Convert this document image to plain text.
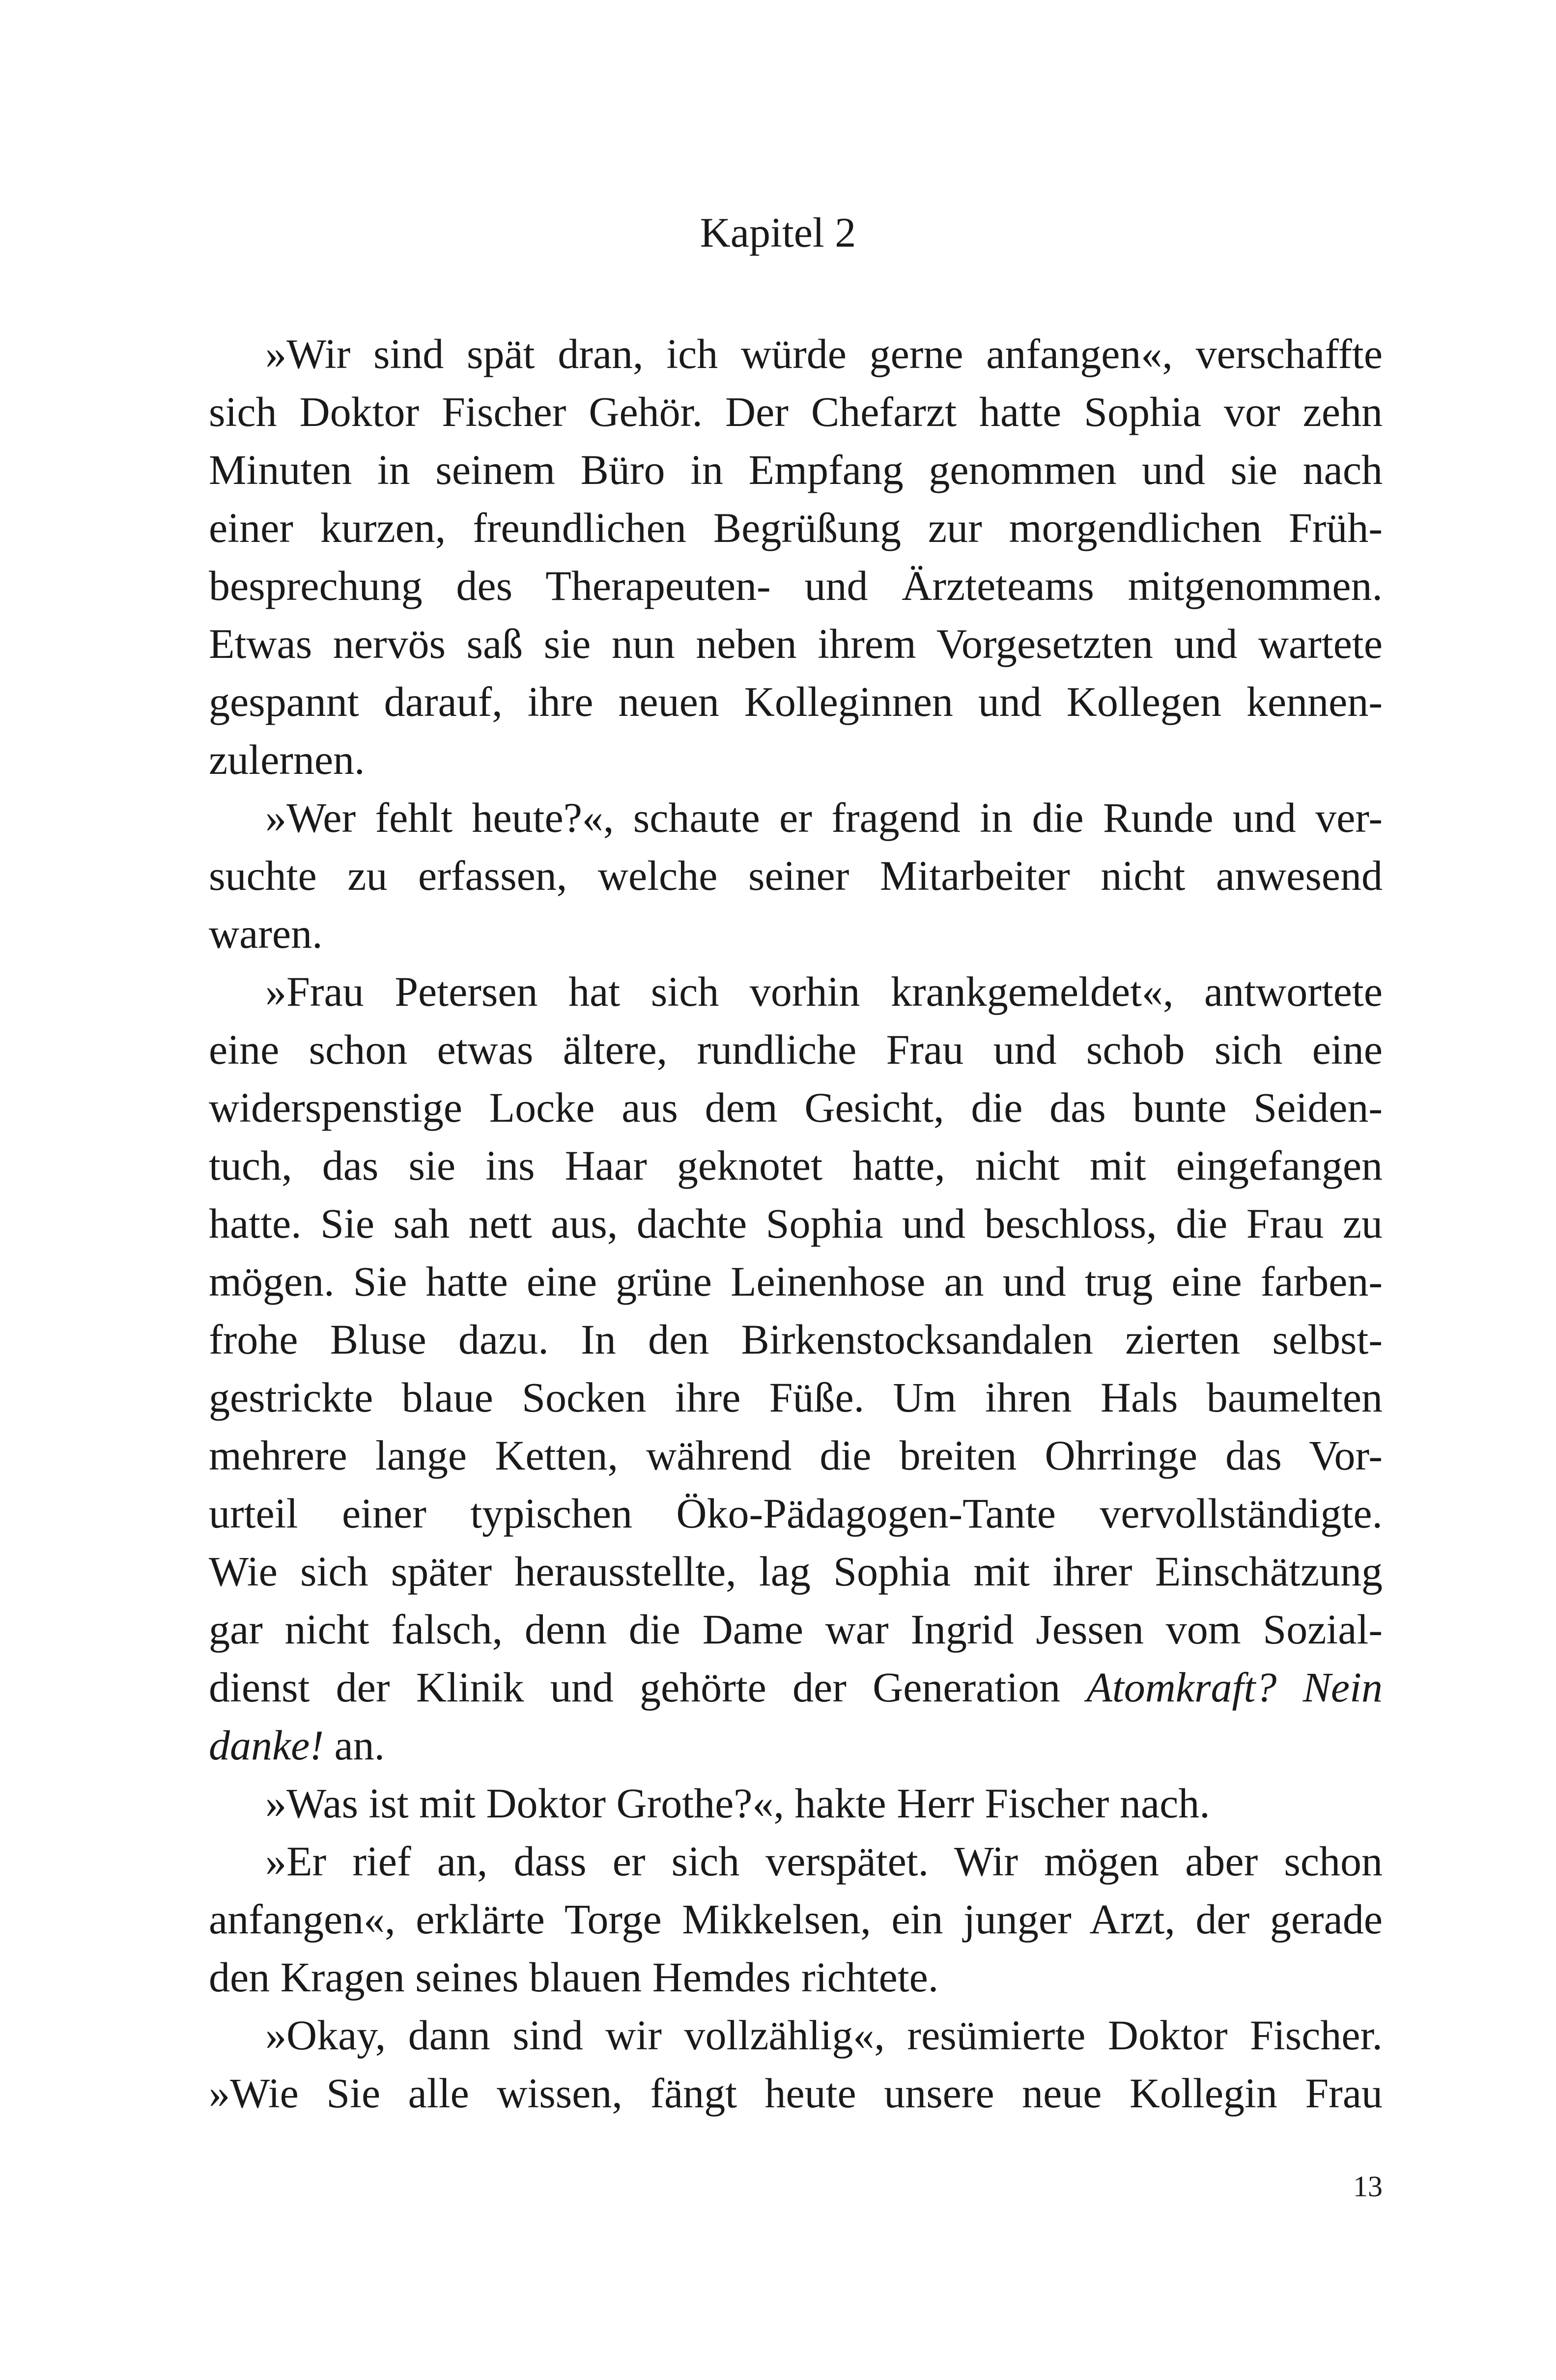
Kapitel 2
»Wir sind spät dran, ich würde gerne anfangen«, verschaffte
sich Doktor Fischer Gehör. Der Chefarzt hatte Sophia vor zehn
Minuten in seinem Büro in Empfang genommen und sie nach
einer kurzen, freundlichen Begrüßung zur morgendlichen Früh-
besprechung des Therapeuten- und Ärzteteams mitgenommen.
Etwas nervös saß sie nun neben ihrem Vorgesetzten und wartete
gespannt darauf, ihre neuen Kolleginnen und Kollegen kennen-
zulernen.
»Wer fehlt heute?«, schaute er fragend in die Runde und ver-
suchte zu erfassen, welche seiner Mitarbeiter nicht anwesend
waren.
»Frau Petersen hat sich vorhin krankgemeldet«, antwortete
eine schon etwas ältere, rundliche Frau und schob sich eine
widerspenstige Locke aus dem Gesicht, die das bunte Seiden-
tuch, das sie ins Haar geknotet hatte, nicht mit eingefangen
hatte. Sie sah nett aus, dachte Sophia und beschloss, die Frau zu
mögen. Sie hatte eine grüne Leinenhose an und trug eine farben-
frohe Bluse dazu. In den Birkenstocksandalen zierten selbst-
gestrickte blaue Socken ihre Füße. Um ihren Hals baumelten
mehrere lange Ketten, während die breiten Ohrringe das Vor-
urteil einer typischen Öko-Pädagogen-Tante vervollständigte.
Wie sich später herausstellte, lag Sophia mit ihrer Einschätzung
gar nicht falsch, denn die Dame war Ingrid Jessen vom Sozial-
dienst der Klinik und gehörte der Generation Atomkraft? Nein
danke! an.
»Was ist mit Doktor Grothe?«, hakte Herr Fischer nach.
»Er rief an, dass er sich verspätet. Wir mögen aber schon
anfangen«, erklärte Torge Mikkelsen, ein junger Arzt, der gerade
den Kragen seines blauen Hemdes richtete.
»Okay, dann sind wir vollzählig«, resümierte Doktor Fischer.
»Wie Sie alle wissen, fängt heute unsere neue Kollegin Frau
13
